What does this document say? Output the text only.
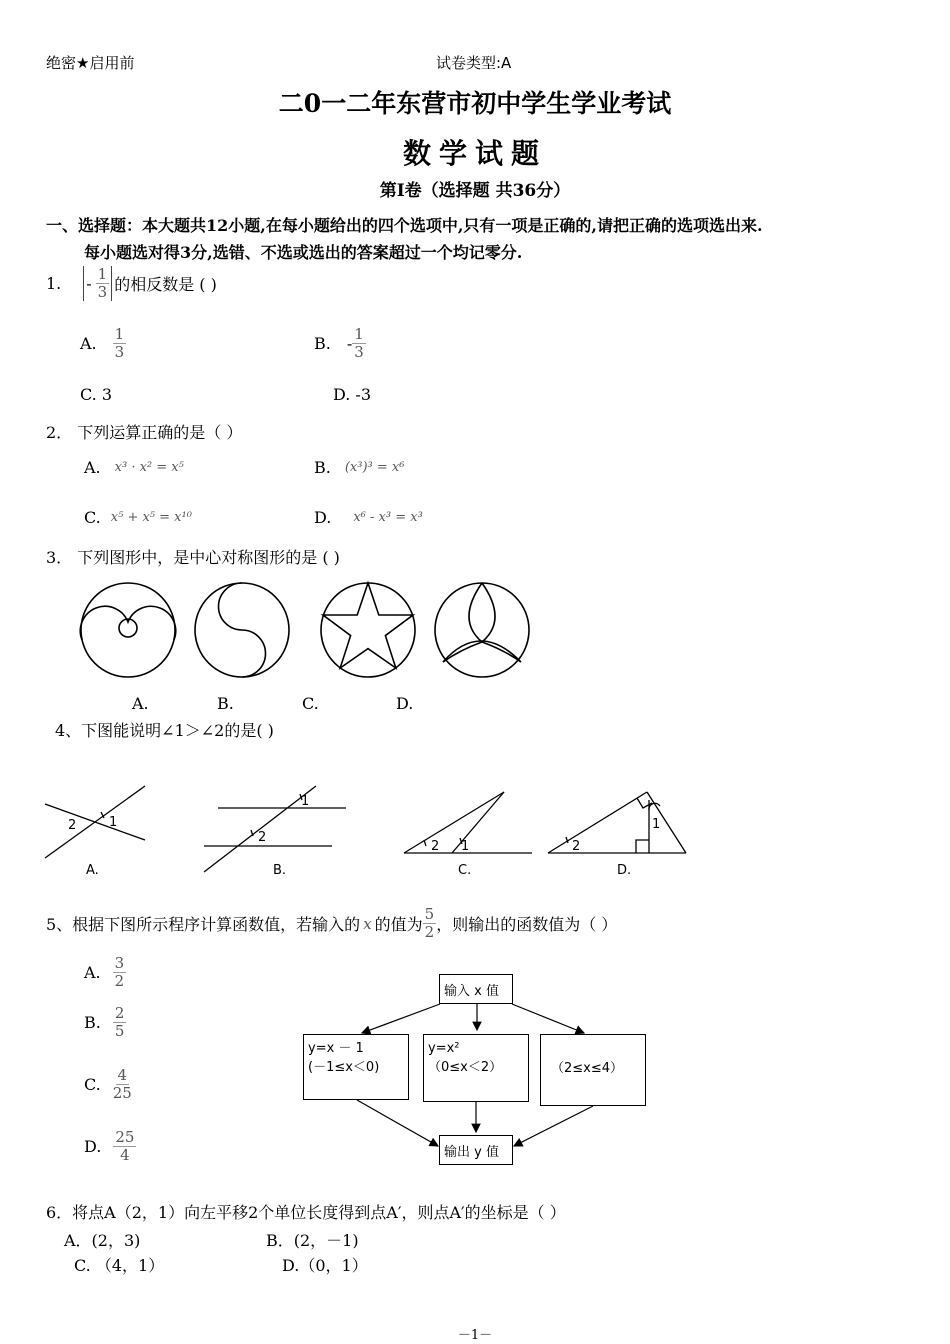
绝密★启用前	试卷类型:A
二0一二年东营市初中学生学业考试
数学试题
第Ⅰ卷（选择题 共36分）
一、选择题：本大题共12小题,在每小题给出的四个选项中,只有一项是正确的,请把正确的选项选出来.
每小题选对得3分,选错、不选或选出的答案超过一个均记零分.
1. - $\frac{1}{3}$ 的相反数是 ( )
A. $\frac{1}{3}$	B. - $\frac{1}{3}$
C. 3	D. -3
2． 下列运算正确的是（ ）
A. x³ · x² = x⁵	B. (x³)³ = x⁶
C. x⁵ + x⁵ = x¹⁰	D. x⁶ - x³ = x³
3． 下列图形中，是中心对称图形的是 ( )
A.	B.	C.	D.
4、下图能说明∠1＞∠2的是( )
2	1
1
2
2 1	2
1
A.	B.	C.	D.
5、根据下图所示程序计算函数值，若输入的 x 的值为 $\frac{5}{2}$ ，则输出的函数值为（ ）
A. $\frac{3}{2}$
B. $\frac{2}{5}$
C. $\frac{4}{25}$
D. $\frac{25}{4}$
输入 x 值
y=x － 1
(－1≤x＜0)
y=x²
（0≤x＜2）	（2≤x≤4）
输出 y 值
6．将点A（2，1）向左平移2个单位长度得到点A′，则点A′的坐标是（ ）
A．(2，3)	B．(2，－1)
C. （4，1）	D.（0，1）
－1－
